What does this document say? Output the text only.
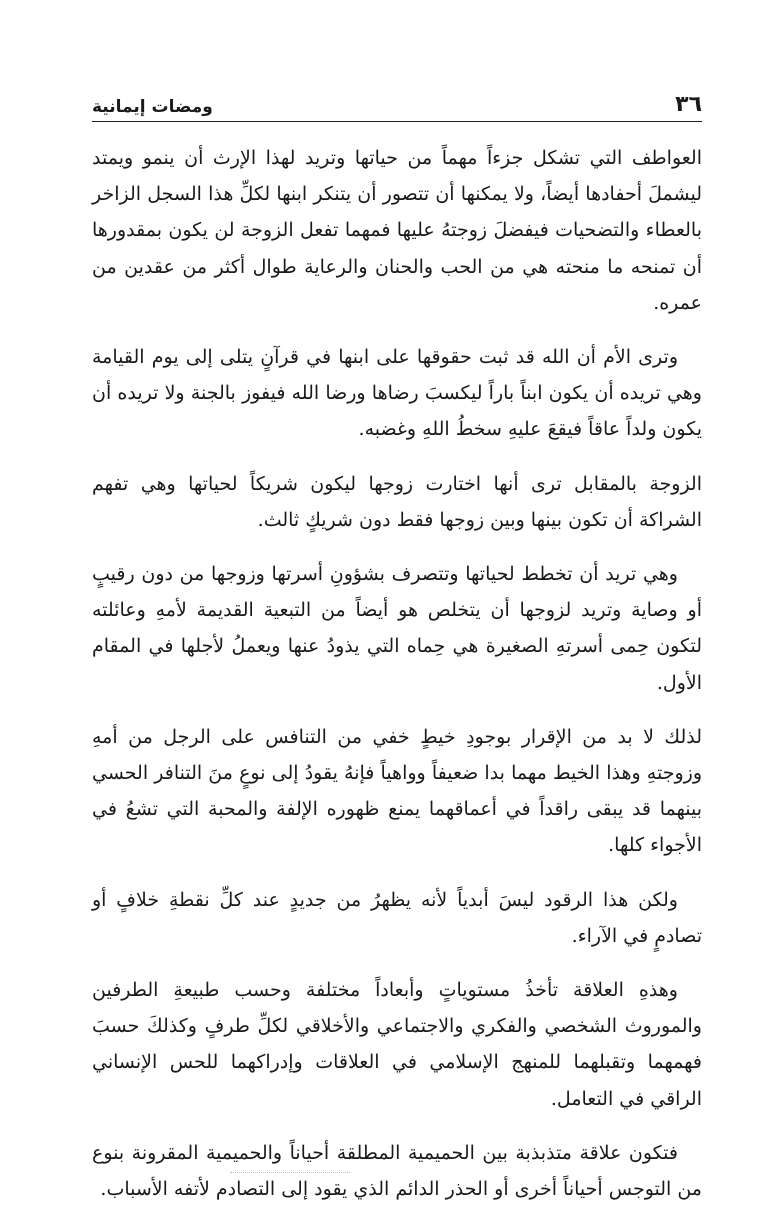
٣٦
ومضات إيمانية

العواطف التي تشكل جزءاً مهماً من حياتها وتريد لهذا الإرث أن ينمو ويمتد ليشملَ أحفادها أيضاً، ولا يمكنها أن تتصور أن يتنكر ابنها لكلِّ هذا السجل الزاخر بالعطاء والتضحيات فيفضلَ زوجتهُ عليها فمهما تفعل الزوجة لن يكون بمقدورها أن تمنحه ما منحته هي من الحب والحنان والرعاية طوال أكثر من عقدين من عمره.

وترى الأم أن الله قد ثبت حقوقها على ابنها في قرآنٍ يتلى إلى يوم القيامة وهي تريده أن يكون ابناً باراً ليكسبَ رضاها ورضا الله فيفوز بالجنة ولا تريده أن يكون ولداً عاقاً فيقعَ عليهِ سخطُ اللهِ وغضبه.

الزوجة بالمقابل ترى أنها اختارت زوجها ليكون شريكاً لحياتها وهي تفهم الشراكة أن تكون بينها وبين زوجها فقط دون شريكٍ ثالث.

وهي تريد أن تخطط لحياتها وتتصرف بشؤونِ أسرتها وزوجها من دون رقيبٍ أو وصاية وتريد لزوجها أن يتخلص هو أيضاً من التبعية القديمة لأمهِ وعائلته لتكون حِمى أسرتهِ الصغيرة هي حِماه التي يذودُ عنها ويعملُ لأجلها في المقام الأول.

لذلك لا بد من الإقرار بوجودِ خيطٍ خفي من التنافس على الرجل من أمهِ وزوجتهِ وهذا الخيط مهما بدا ضعيفاً وواهياً فإنهُ يقودُ إلى نوعٍ منَ التنافر الحسي بينهما قد يبقى راقداً في أعماقهما يمنع ظهوره الإلفة والمحبة التي تشعُ في الأجواء كلها.

ولكن هذا الرقود ليسَ أبدياً لأنه يظهرُ من جديدٍ عند كلِّ نقطةِ خلافٍ أو تصادمٍ في الآراء.

وهذهِ العلاقة تأخذُ مستوياتٍ وأبعاداً مختلفة وحسب طبيعةِ الطرفين والموروث الشخصي والفكري والاجتماعي والأخلاقي لكلِّ طرفٍ وكذلكَ حسبَ فهمهما وتقبلهما للمنهج الإسلامي في العلاقات وإدراكهما للحس الإنساني الراقي في التعامل.

فتكون علاقة متذبذبة بين الحميمية المطلقة أحياناً والحميمية المقرونة بنوع من التوجس أحياناً أخرى أو الحذر الدائم الذي يقود إلى التصادم لأتفه الأسباب.
